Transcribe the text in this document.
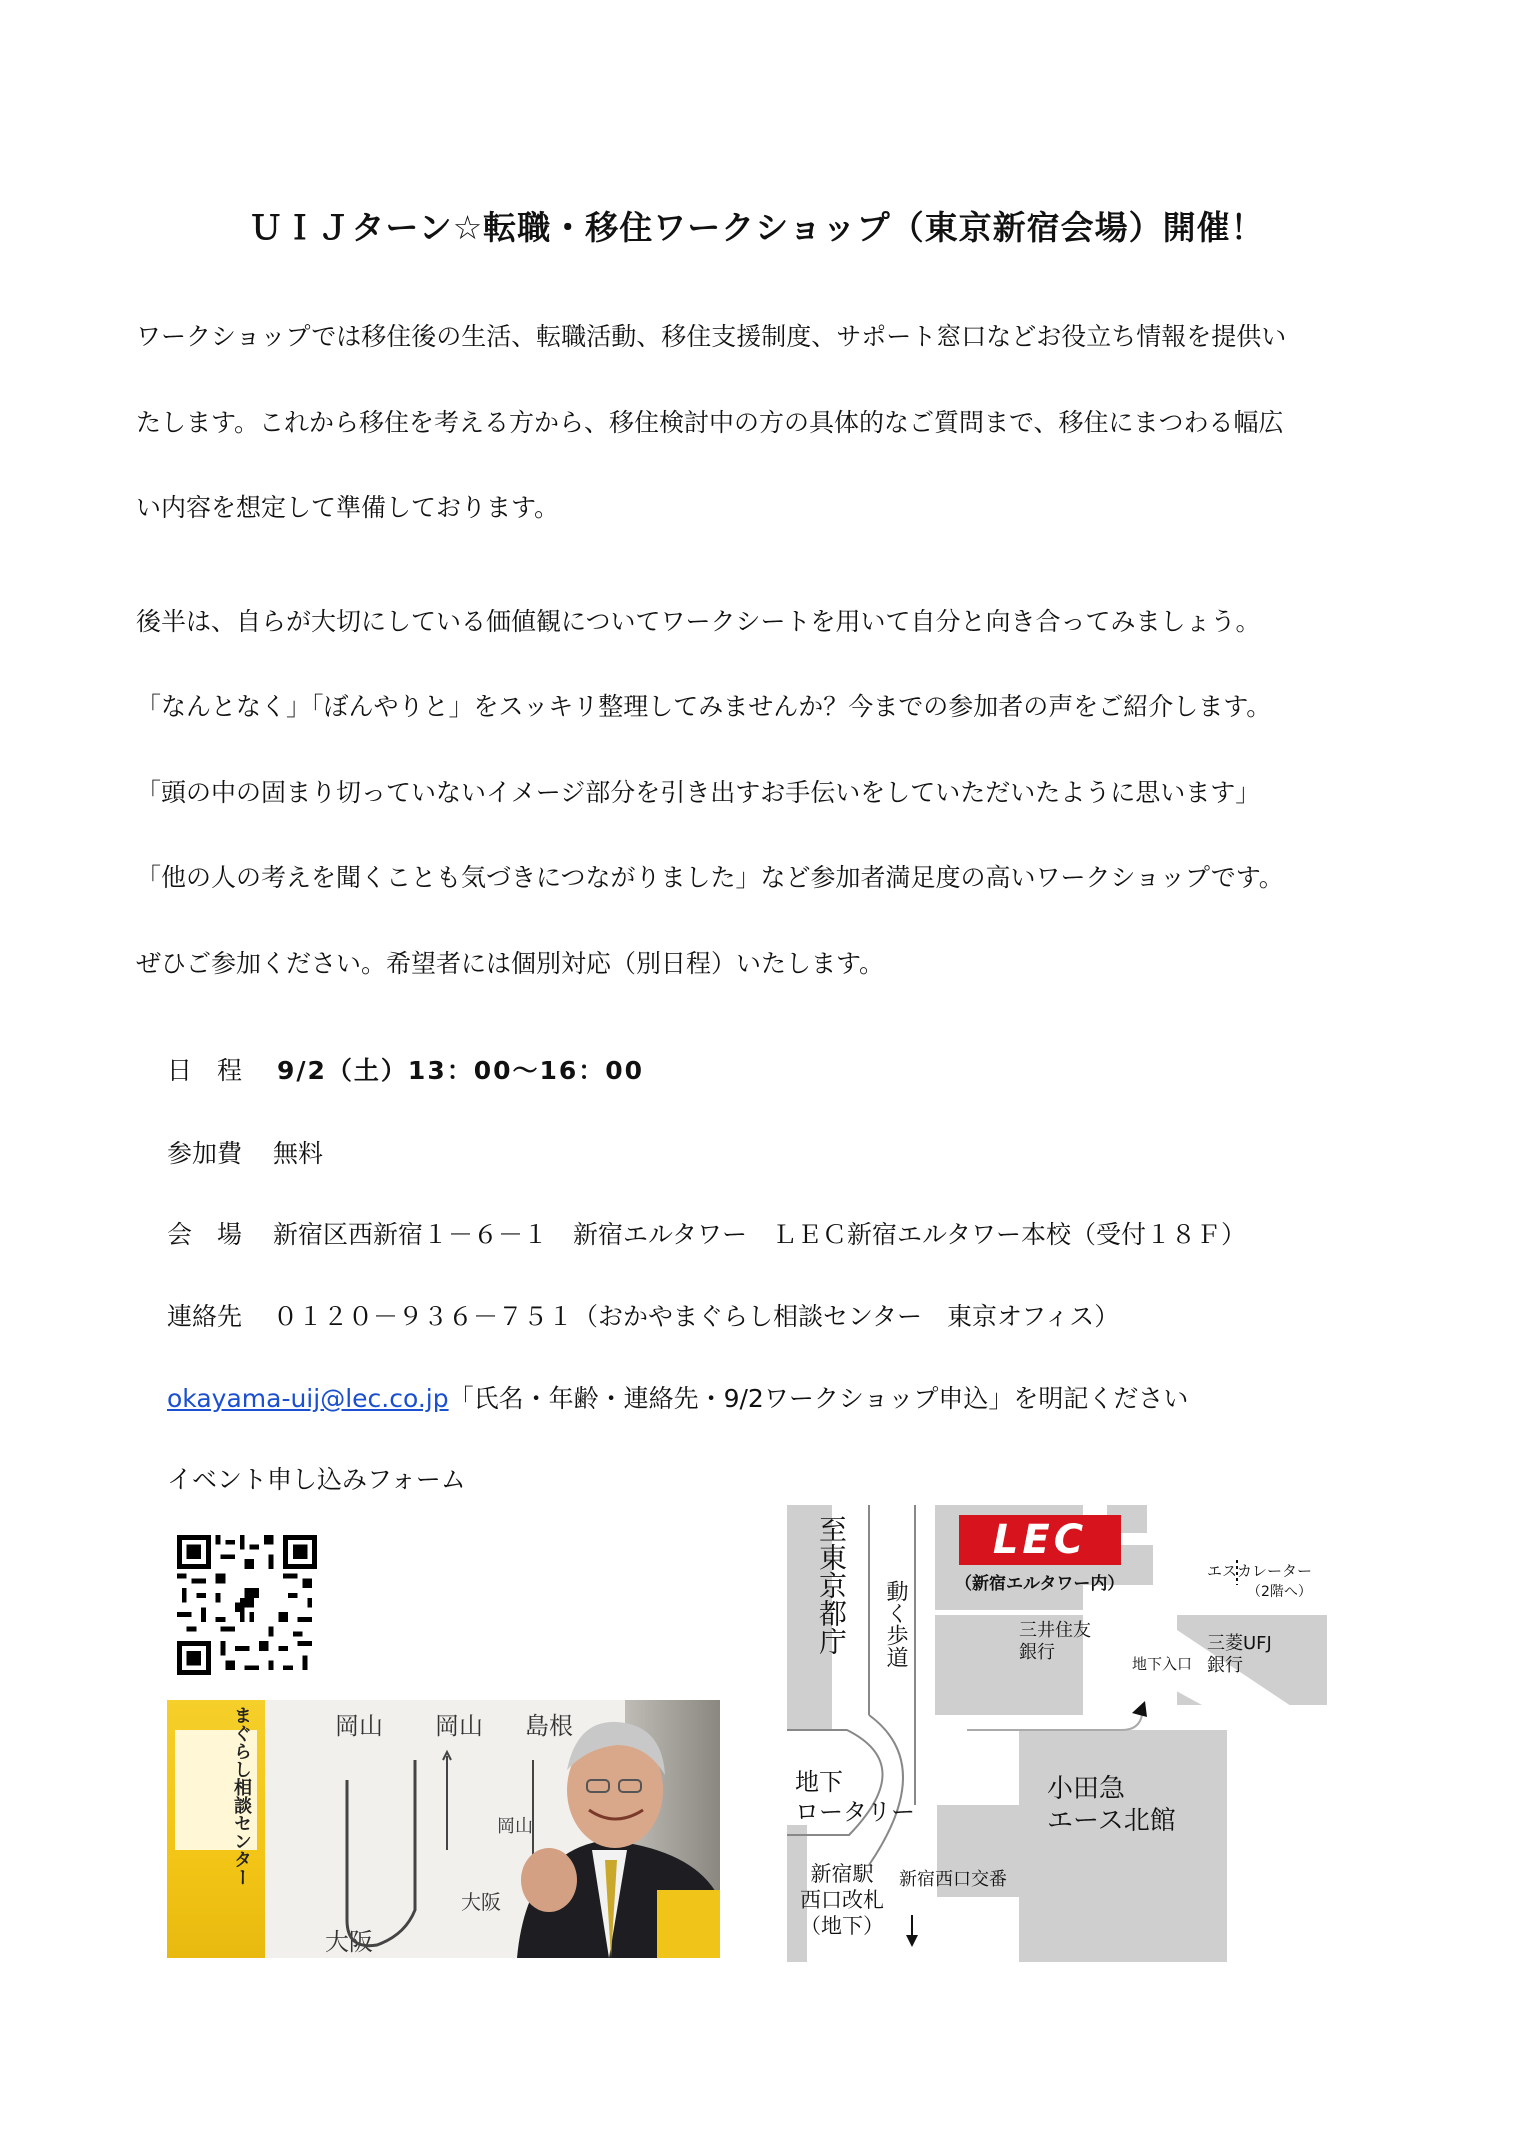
ＵＩＪターン☆転職・移住ワークショップ（東京新宿会場）開催！
ワークショップでは移住後の生活、転職活動、移住支援制度、サポート窓口などお役立ち情報を提供い
たします。これから移住を考える方から、移住検討中の方の具体的なご質問まで、移住にまつわる幅広
い内容を想定して準備しております。
後半は、自らが大切にしている価値観についてワークシートを用いて自分と向き合ってみましょう。
「なんとなく」「ぼんやりと」をスッキリ整理してみませんか？今までの参加者の声をご紹介します。
「頭の中の固まり切っていないイメージ部分を引き出すお手伝いをしていただいたように思います」
「他の人の考えを聞くことも気づきにつながりました」など参加者満足度の高いワークショップです。
ぜひご参加ください。希望者には個別対応（別日程）いたします。
日　程 9/2（土）13：00～16：00
参加費 無料
会　場 新宿区西新宿１－６－１　新宿エルタワー　ＬＥＣ新宿エルタワー本校（受付１８Ｆ）
連絡先 ０１２０－９３６－７５１（おかやまぐらし相談センター　東京オフィス）
okayama-uij@lec.co.jp「氏名・年齢・連絡先・9/2ワークショップ申込」を明記ください
イベント申し込みフォーム
まぐらし相談センター	岡山 岡山 島根
岡山
大阪
大阪
LEC
（新宿エルタワー内）
至東京都庁	動く歩道
エスカレーター
（2階へ）
三井住友
銀行
地下入口
三菱UFJ
銀行
地下
ロータリー
小田急
エース北館
新宿駅
西口改札
（地下）
新宿西口交番
